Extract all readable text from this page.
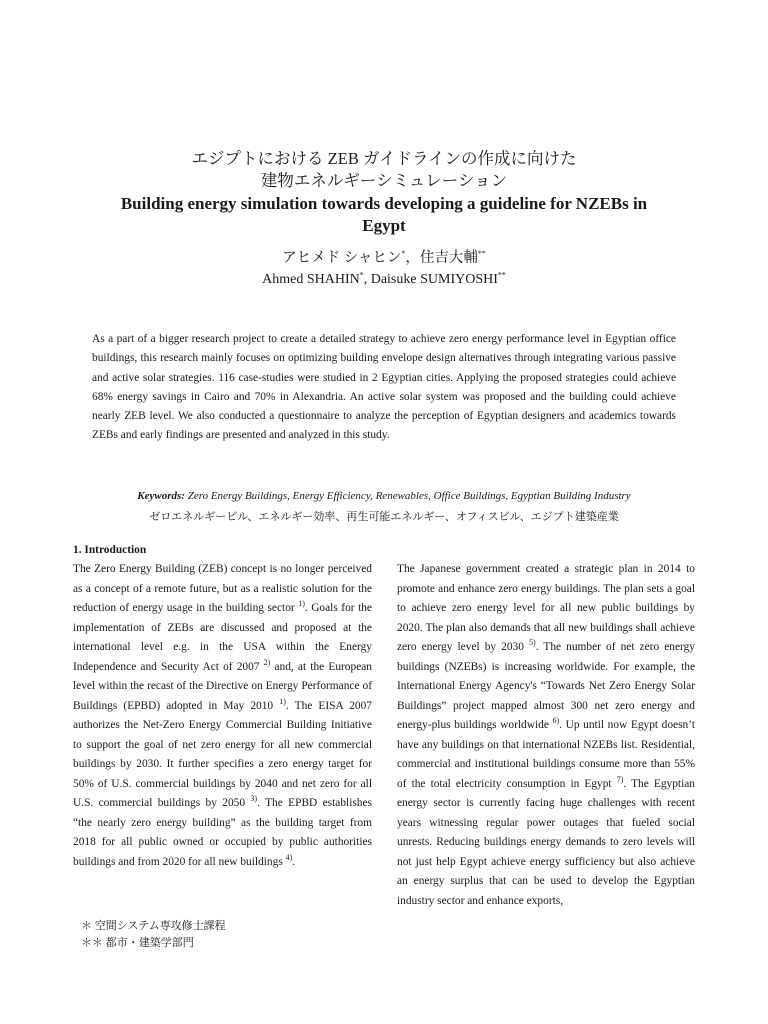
エジプトにおける ZEB ガイドラインの作成に向けた
建物エネルギーシミュレーション
Building energy simulation towards developing a guideline for NZEBs in Egypt
アヒメド シャヒン*，住吉大輔**
Ahmed SHAHIN*, Daisuke SUMIYOSHI**

As a part of a bigger research project to create a detailed strategy to achieve zero energy performance level in Egyptian office buildings, this research mainly focuses on optimizing building envelope design alternatives through integrating various passive and active solar strategies. 116 case-studies were studied in 2 Egyptian cities. Applying the proposed strategies could achieve 68% energy savings in Cairo and 70% in Alexandria. An active solar system was proposed and the building could achieve nearly ZEB level. We also conducted a questionnaire to analyze the perception of Egyptian designers and academics towards ZEBs and early findings are presented and analyzed in this study.

Keywords: Zero Energy Buildings, Energy Efficiency, Renewables, Office Buildings, Egyptian Building Industry
ゼロエネルギービル、エネルギー効率、再生可能エネルギー、オフィスビル、エジプト建築産業
1. Introduction

The Zero Energy Building (ZEB) concept is no longer perceived as a concept of a remote future, but as a realistic solution for the reduction of energy usage in the building sector $^{1)}$. Goals for the implementation of ZEBs are discussed and proposed at the international level e.g. in the USA within the Energy Independence and Security Act of 2007 $^{2)}$ and, at the European level within the recast of the Directive on Energy Performance of Buildings (EPBD) adopted in May 2010 $^{1)}$. The EISA 2007 authorizes the Net-Zero Energy Commercial Building Initiative to support the goal of net zero energy for all new commercial buildings by 2030. It further specifies a zero energy target for 50% of U.S. commercial buildings by 2040 and net zero for all U.S. commercial buildings by 2050 $^{3)}$. The EPBD establishes “the nearly zero energy building” as the building target from 2018 for all public owned or occupied by public authorities buildings and from 2020 for all new buildings $^{4)}$.

The Japanese government created a strategic plan in 2014 to promote and enhance zero energy buildings. The plan sets a goal to achieve zero energy level for all new public buildings by 2020. The plan also demands that all new buildings shall achieve zero energy level by 2030 $^{5)}$. The number of net zero energy buildings (NZEBs) is increasing worldwide. For example, the International Energy Agency's “Towards Net Zero Energy Solar Buildings” project mapped almost 300 net zero energy and energy-plus buildings worldwide $^{6)}$. Up until now Egypt doesn’t have any buildings on that international NZEBs list. Residential, commercial and institutional buildings consume more than 55% of the total electricity consumption in Egypt $^{7)}$. The Egyptian energy sector is currently facing huge challenges with recent years witnessing regular power outages that fueled social unrests. Reducing buildings energy demands to zero levels will not just help Egypt achieve energy sufficiency but also achieve an energy surplus that can be used to develop the Egyptian industry sector and enhance exports,

＊ 空間システム専攻修士課程
＊＊ 都市・建築学部門
